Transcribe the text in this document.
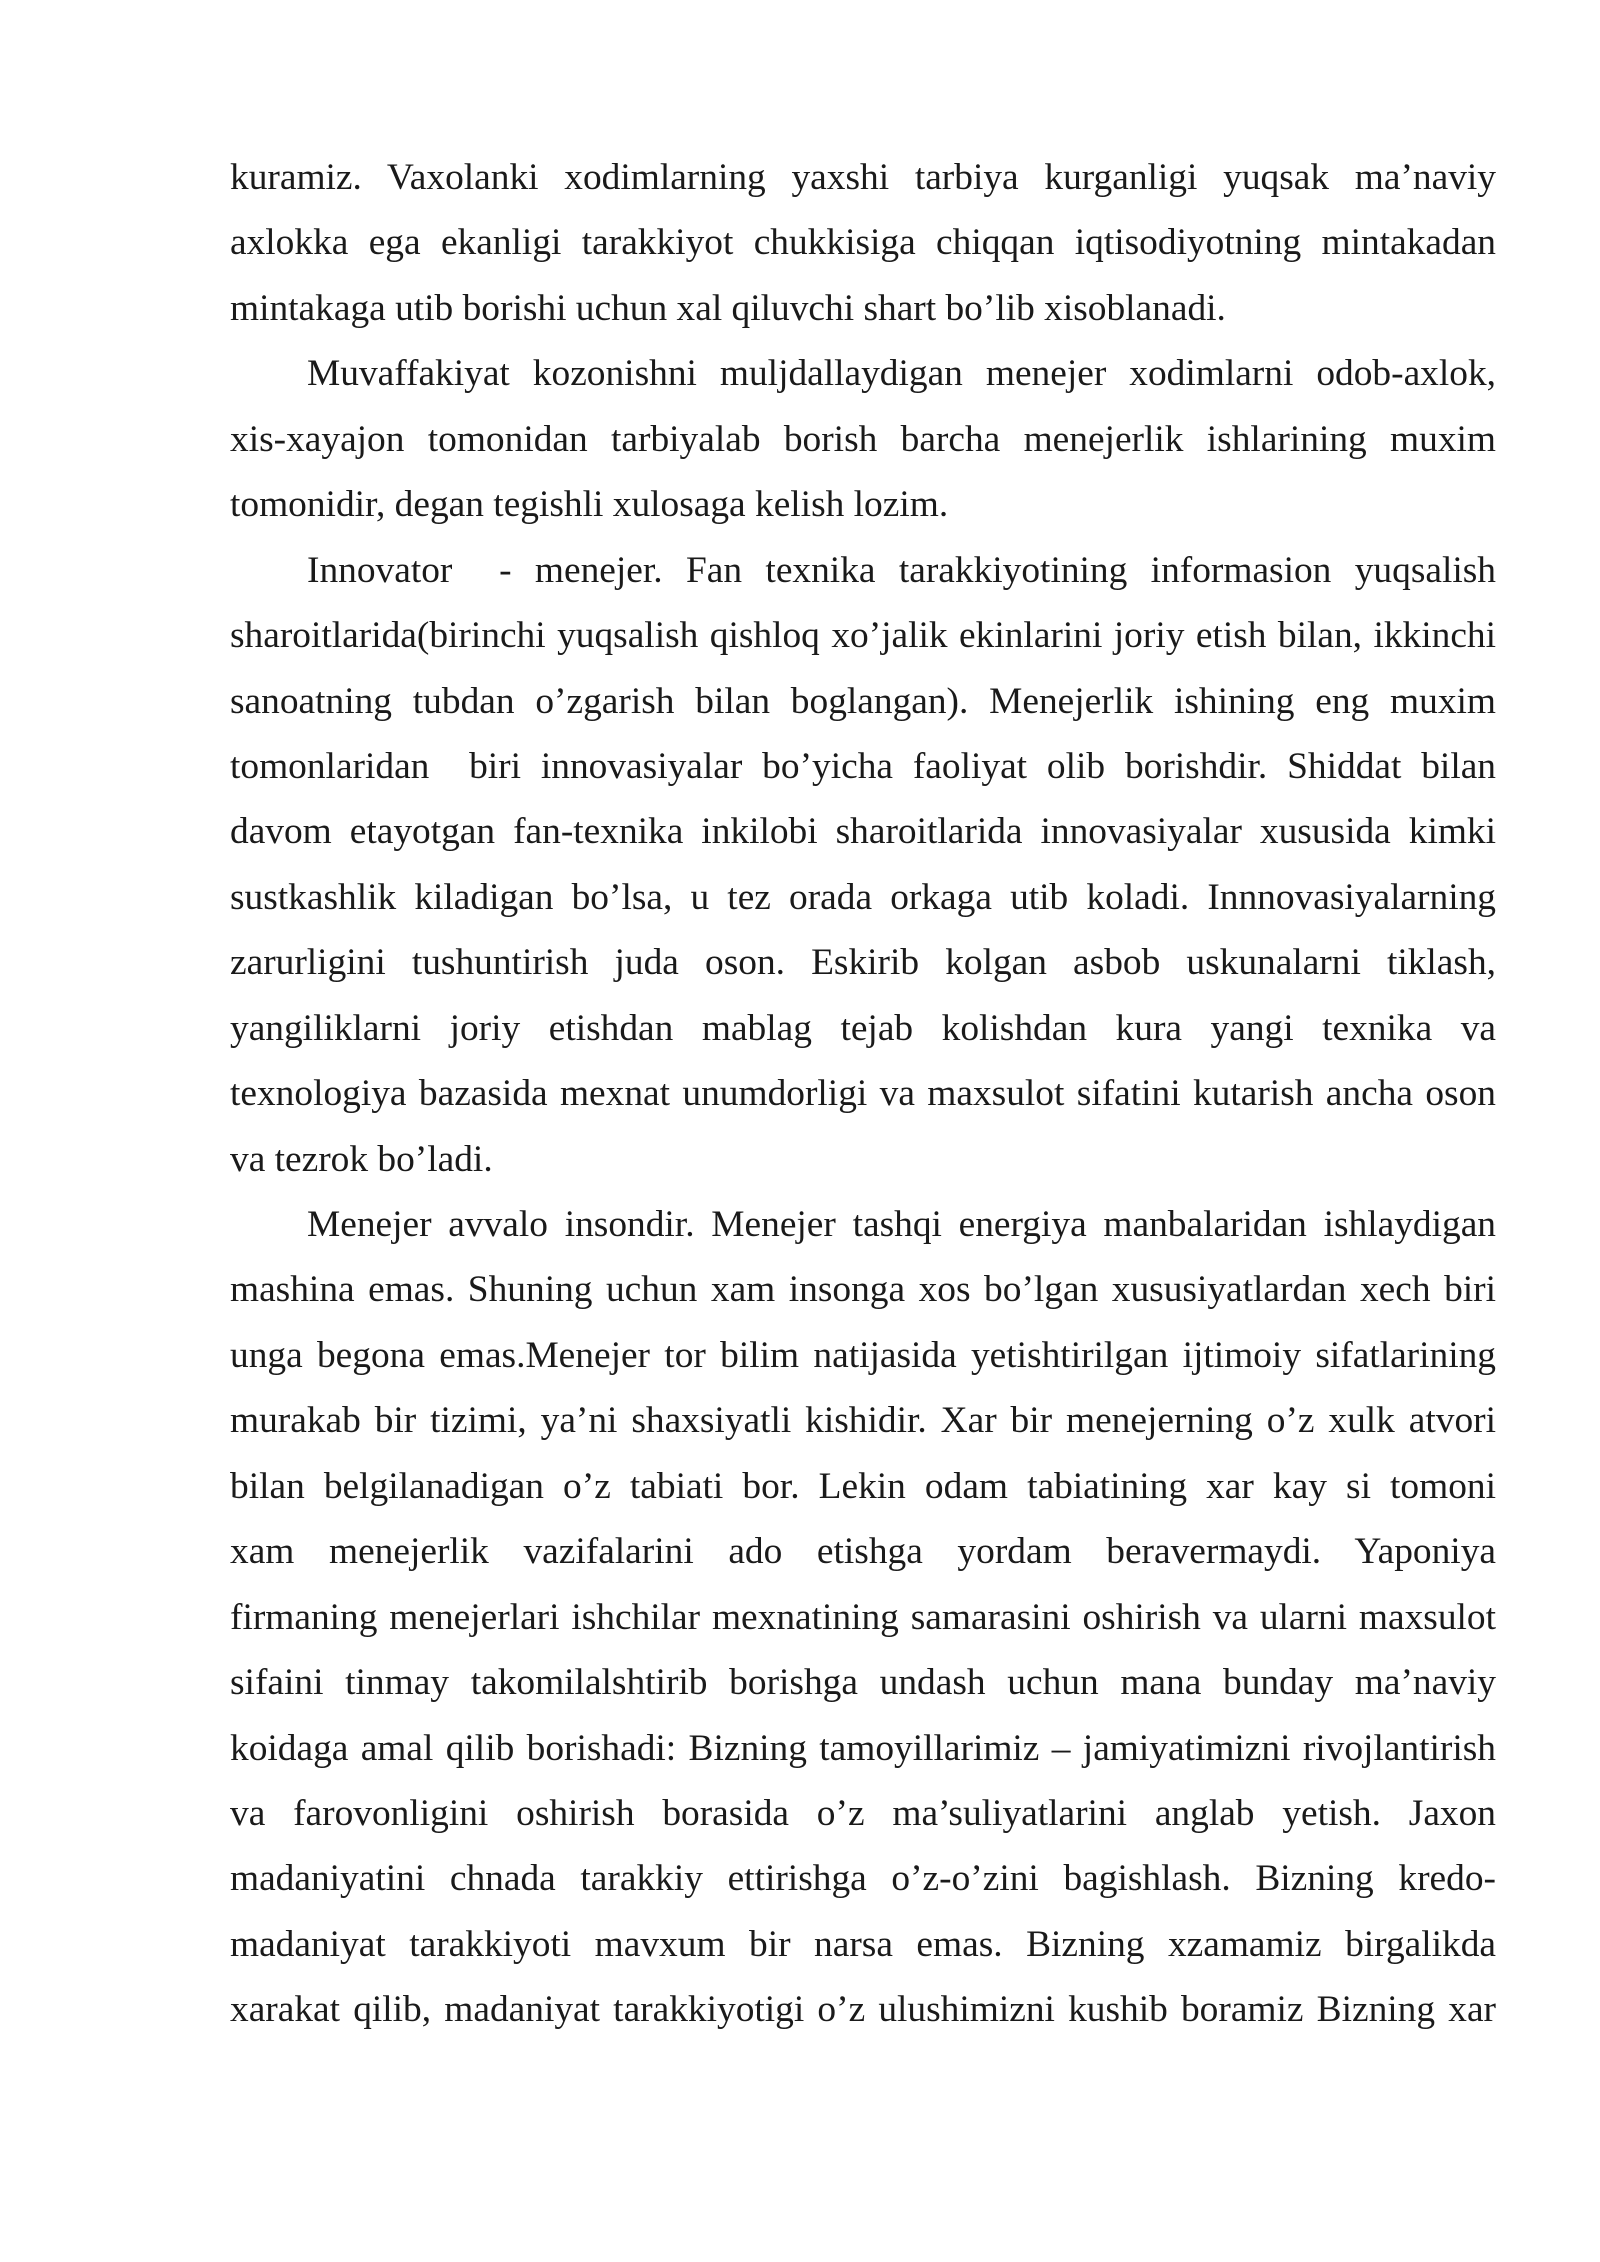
kuramiz. Vaxolanki xodimlarning yaxshi tarbiya kurganligi yuqsak ma’naviy
axlokka ega ekanligi tarakkiyot chukkisiga chiqqan iqtisodiyotning mintakadan
mintakaga utib borishi uchun xal qiluvchi shart bo’lib xisoblanadi.
Muvaffakiyat kozonishni muljdallaydigan menejer xodimlarni odob-axlok,
xis-xayajon tomonidan tarbiyalab borish barcha menejerlik ishlarining muxim
tomonidir, degan tegishli xulosaga kelish lozim.
Innovator  - menejer. Fan texnika tarakkiyotining informasion yuqsalish
sharoitlarida(birinchi yuqsalish qishloq xo’jalik ekinlarini joriy etish bilan, ikkinchi
sanoatning tubdan o’zgarish bilan boglangan). Menejerlik ishining eng muxim
tomonlaridan  biri innovasiyalar bo’yicha faoliyat olib borishdir. Shiddat bilan
davom etayotgan fan-texnika inkilobi sharoitlarida innovasiyalar xususida kimki
sustkashlik kiladigan bo’lsa, u tez orada orkaga utib koladi. Innnovasiyalarning
zarurligini tushuntirish juda oson. Eskirib kolgan asbob uskunalarni tiklash,
yangiliklarni joriy etishdan mablag tejab kolishdan kura yangi texnika va
texnologiya bazasida mexnat unumdorligi va maxsulot sifatini kutarish ancha oson
va tezrok bo’ladi.
Menejer avvalo insondir. Menejer tashqi energiya manbalaridan ishlaydigan
mashina emas. Shuning uchun xam insonga xos bo’lgan xususiyatlardan xech biri
unga begona emas.Menejer tor bilim natijasida yetishtirilgan ijtimoiy sifatlarining
murakab bir tizimi, ya’ni shaxsiyatli kishidir. Xar bir menejerning o’z xulk atvori
bilan belgilanadigan o’z tabiati bor. Lekin odam tabiatining xar kay si tomoni
xam menejerlik vazifalarini ado etishga yordam beravermaydi. Yaponiya
firmaning menejerlari ishchilar mexnatining samarasini oshirish va ularni maxsulot
sifaini tinmay takomilalshtirib borishga undash uchun mana bunday ma’naviy
koidaga amal qilib borishadi: Bizning tamoyillarimiz – jamiyatimizni rivojlantirish
va farovonligini oshirish borasida o’z ma’suliyatlarini anglab yetish. Jaxon
madaniyatini chnada tarakkiy ettirishga o’z-o’zini bagishlash. Bizning kredo-
madaniyat tarakkiyoti mavxum bir narsa emas. Bizning xzamamiz birgalikda
xarakat qilib, madaniyat tarakkiyotigi o’z ulushimizni kushib boramiz Bizning xar
